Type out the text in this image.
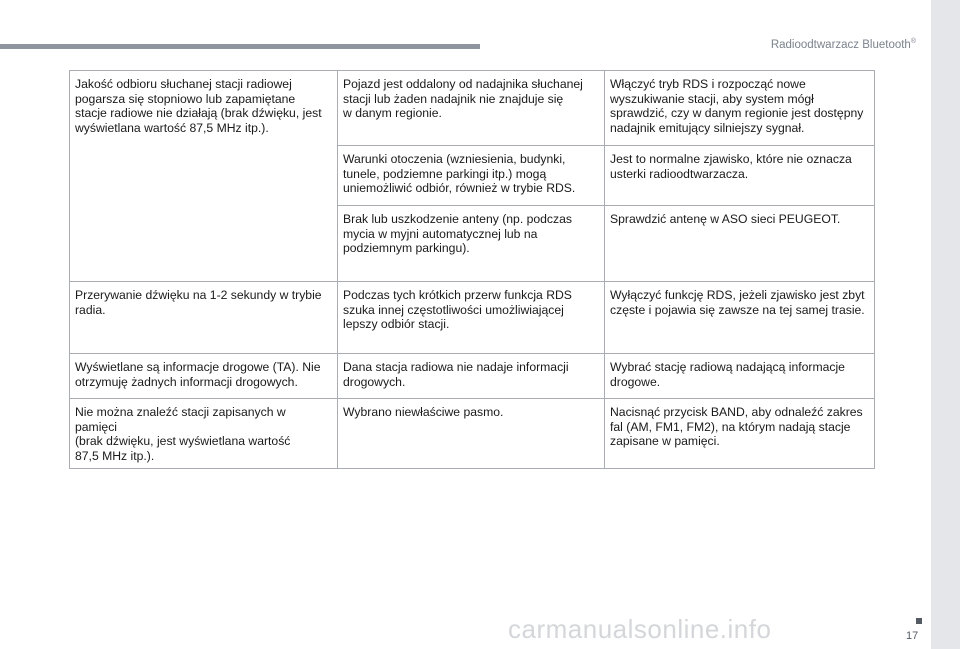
Radioodtwarzacz Bluetooth®
Jakość odbioru słuchanej stacji radiowej
pogarsza się stopniowo lub zapamiętane
stacje radiowe nie działają (brak dźwięku, jest
wyświetlana wartość 87,5 MHz itp.).	Pojazd jest oddalony od nadajnika słuchanej
stacji lub żaden nadajnik nie znajduje się
w danym regionie.	Włączyć tryb RDS i rozpocząć nowe
wyszukiwanie stacji, aby system mógł
sprawdzić, czy w danym regionie jest dostępny
nadajnik emitujący silniejszy sygnał.

	Warunki otoczenia (wzniesienia, budynki,
tunele, podziemne parkingi itp.) mogą
uniemożliwić odbiór, również w trybie RDS.	Jest to normalne zjawisko, które nie oznacza
usterki radioodtwarzacza.

	Brak lub uszkodzenie anteny (np. podczas
mycia w myjni automatycznej lub na
podziemnym parkingu).	Sprawdzić antenę w ASO sieci PEUGEOT.

Przerywanie dźwięku na 1-2 sekundy w trybie
radia.	Podczas tych krótkich przerw funkcja RDS
szuka innej częstotliwości umożliwiającej
lepszy odbiór stacji.	Wyłączyć funkcję RDS, jeżeli zjawisko jest zbyt
częste i pojawia się zawsze na tej samej trasie.

Wyświetlane są informacje drogowe (TA). Nie
otrzymuję żadnych informacji drogowych.	Dana stacja radiowa nie nadaje informacji
drogowych.	Wybrać stację radiową nadającą informacje
drogowe.

Nie można znaleźć stacji zapisanych w pamięci
(brak dźwięku, jest wyświetlana wartość
87,5 MHz itp.).	Wybrano niewłaściwe pasmo.	Nacisnąć przycisk BAND, aby odnaleźć zakres
fal (AM, FM1, FM2), na którym nadają stacje
zapisane w pamięci.
carmanualsonline.info	17
